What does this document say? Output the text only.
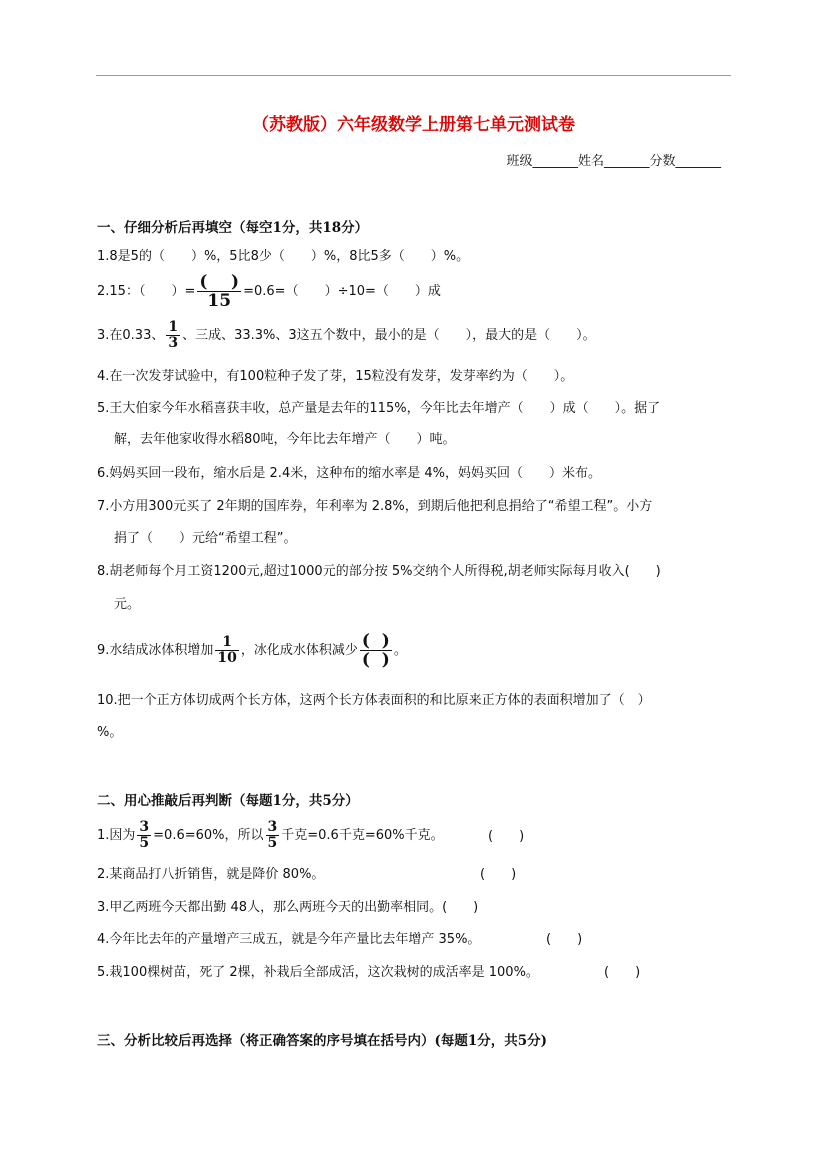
（苏教版）六年级数学上册第七单元测试卷
班级_______姓名_______分数_______
一、仔细分析后再填空（每空1分，共18分）
1.8是5的（　　）%，5比8少（　　）%，8比5多（　　）%。
2.15：（　　）= $\frac{( )}{15} =0.6=$（　　）÷10=（　　）成
3.在0.33、 $\frac{1}{3}$ 、三成、33.3%、3这五个数中，最小的是（　　），最大的是（　　）。
4.在一次发芽试验中，有100粒种子发了芽，15粒没有发芽，发芽率约为（　　）。
5.王大伯家今年水稻喜获丰收，总产量是去年的115%，今年比去年增产（　　）成（　　）。据了
解，去年他家收得水稻80吨，今年比去年增产（　　）吨。
6.妈妈买回一段布，缩水后是 2.4米，这种布的缩水率是 4%，妈妈买回（　　）米布。
7.小方用300元买了 2年期的国库券，年利率为 2.8%，到期后他把利息捐给了“希望工程”。小方
捐了（　　）元给“希望工程”。
8.胡老师每个月工资1200元,超过1000元的部分按 5%交纳个人所得税,胡老师实际每月收入(　　)
元。
9.水结成冰体积增加 $\frac{1}{10}$ ，冰化成水体积减少 $\frac{( )}{( )}$ 。
10.把一个正方体切成两个长方体，这两个长方体表面积的和比原来正方体的表面积增加了（　）
%。
二、用心推敲后再判断（每题1分，共5分）
1.因为 $\frac{3}{5} =0.6=60\%$，所以 $\frac{3}{5}$ 千克=0.6千克=60%千克。	(　　)
2.某商品打八折销售，就是降价 80%。	(　　)
3.甲乙两班今天都出勤 48人，那么两班今天的出勤率相同。(　　)
4.今年比去年的产量增产三成五，就是今年产量比去年增产 35%。	(　　)
5.栽100棵树苗，死了 2棵，补栽后全部成活，这次栽树的成活率是 100%。	(　　)
三、分析比较后再选择（将正确答案的序号填在括号内）(每题1分，共5分)
